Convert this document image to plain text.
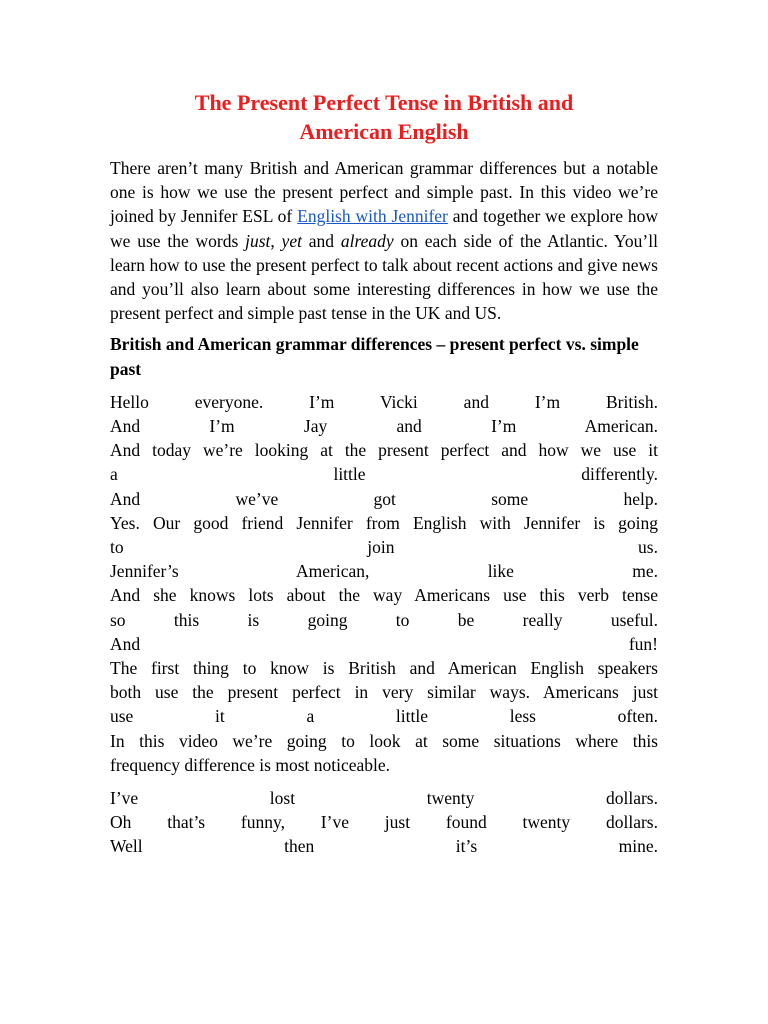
The Present Perfect Tense in British and
American English

There aren’t many British and American grammar differences but a notable one is how we use the present perfect and simple past. In this video we’re joined by Jennifer ESL of English with Jennifer and together we explore how we use the words just, yet and already on each side of the Atlantic. You’ll learn how to use the present perfect to talk about recent actions and give news and you’ll also learn about some interesting differences in how we use the present perfect and simple past tense in the UK and US.

British and American grammar differences – present perfect vs. simple past
Hello everyone. I’m Vicki and I’m British.
And I’m Jay and I’m American.
And today we’re looking at the present perfect and how we use it
a little differently.
And we’ve got some help.
Yes. Our good friend Jennifer from English with Jennifer is going
to join us.
Jennifer’s American, like me.
And she knows lots about the way Americans use this verb tense
so this is going to be really useful.
And fun!
The first thing to know is British and American English speakers
both use the present perfect in very similar ways. Americans just
use it a little less often.
In this video we’re going to look at some situations where this
frequency difference is most noticeable.
I’ve lost twenty dollars.
Oh that’s funny, I’ve just found twenty dollars.
Well then it’s mine.
